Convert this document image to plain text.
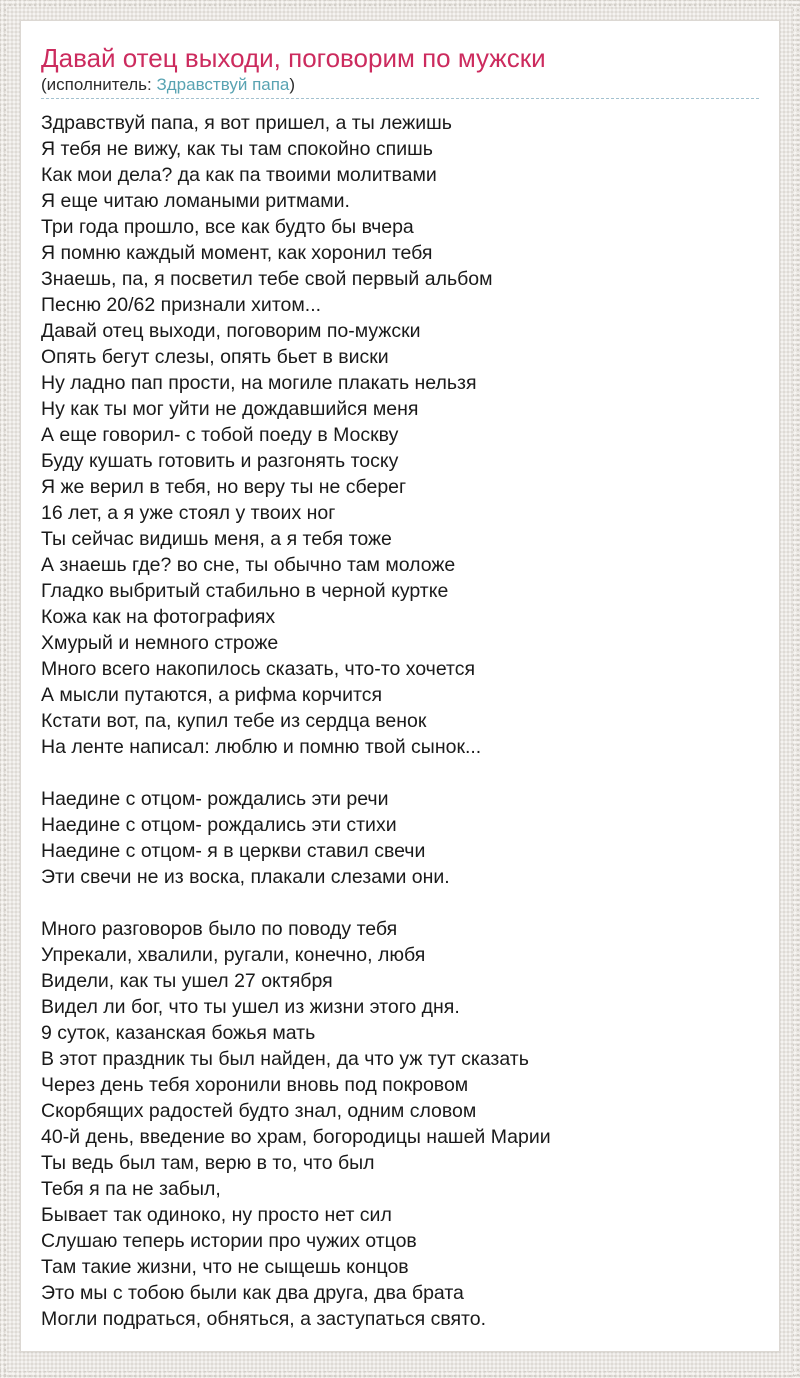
Давай отец выходи, поговорим по мужски
(исполнитель: Здравствуй папа)
Здравствуй папа, я вот пришел, а ты лежишь
Я тебя не вижу, как ты там спокойно спишь
Как мои дела? да как па твоими молитвами
Я еще читаю ломаными ритмами.
Три года прошло, все как будто бы вчера
Я помню каждый момент, как хоронил тебя
Знаешь, па, я посветил тебе свой первый альбом
Песню 20/62 признали хитом...
Давай отец выходи, поговорим по-мужски
Опять бегут слезы, опять бьет в виски
Ну ладно пап прости, на могиле плакать нельзя
Ну как ты мог уйти не дождавшийся меня
А еще говорил- с тобой поеду в Москву
Буду кушать готовить и разгонять тоску
Я же верил в тебя, но веру ты не сберег
16 лет, а я уже стоял у твоих ног
Ты сейчас видишь меня, а я тебя тоже
А знаешь где? во сне, ты обычно там моложе
Гладко выбритый стабильно в черной куртке
Кожа как на фотографиях
Хмурый и немного строже
Много всего накопилось сказать, что-то хочется
А мысли путаются, а рифма корчится
Кстати вот, па, купил тебе из сердца венок
На ленте написал: люблю и помню твой сынок...
Наедине с отцом- рождались эти речи
Наедине с отцом- рождались эти стихи
Наедине с отцом- я в церкви ставил свечи
Эти свечи не из воска, плакали слезами они.
Много разговоров было по поводу тебя
Упрекали, хвалили, ругали, конечно, любя
Видели, как ты ушел 27 октября
Видел ли бог, что ты ушел из жизни этого дня.
9 суток, казанская божья мать
В этот праздник ты был найден, да что уж тут сказать
Через день тебя хоронили вновь под покровом
Скорбящих радостей будто знал, одним словом
40-й день, введение во храм, богородицы нашей Марии
Ты ведь был там, верю в то, что был
Тебя я па не забыл,
Бывает так одиноко, ну просто нет сил
Слушаю теперь истории про чужих отцов
Там такие жизни, что не сыщешь концов
Это мы с тобою были как два друга, два брата
Могли подраться, обняться, а заступаться свято.
